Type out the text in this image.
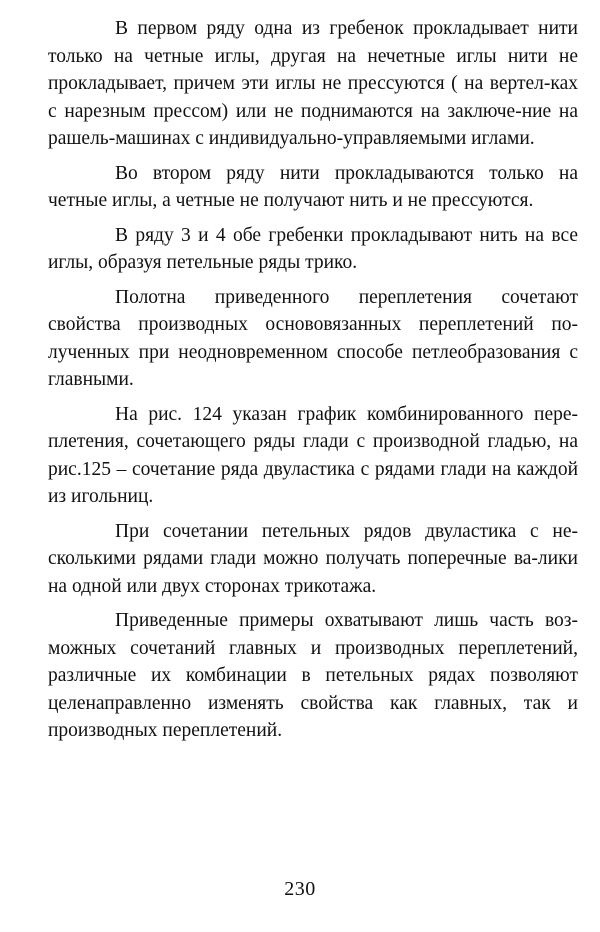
В первом ряду одна из гребенок прокладывает нити только на четные иглы, другая на нечетные иглы нити не прокладывает, причем эти иглы не прессуются ( на вертел-ках с нарезным прессом) или не поднимаются на заключе-ние на рашель-машинах с индивидуально-управляемыми иглами.

Во втором ряду нити прокладываются только на четные иглы, а четные не получают нить и не прессуются.

В ряду 3 и 4 обе гребенки прокладывают нить на все иглы, образуя петельные ряды трико.

Полотна приведенного переплетения сочетают свойства производных основовязанных переплетений по-лученных при неодновременном способе петлеобразования с главными.

На рис. 124 указан график комбинированного пере-плетения, сочетающего ряды глади с производной гладью, на рис.125 – сочетание ряда двуластика с рядами глади на каждой из игольниц.

При сочетании петельных рядов двуластика с не-сколькими рядами глади можно получать поперечные ва-лики на одной или двух сторонах трикотажа.

Приведенные примеры охватывают лишь часть воз-можных сочетаний главных и производных переплетений, различные их комбинации в петельных рядах позволяют целенаправленно изменять свойства как главных, так и производных переплетений.

230
